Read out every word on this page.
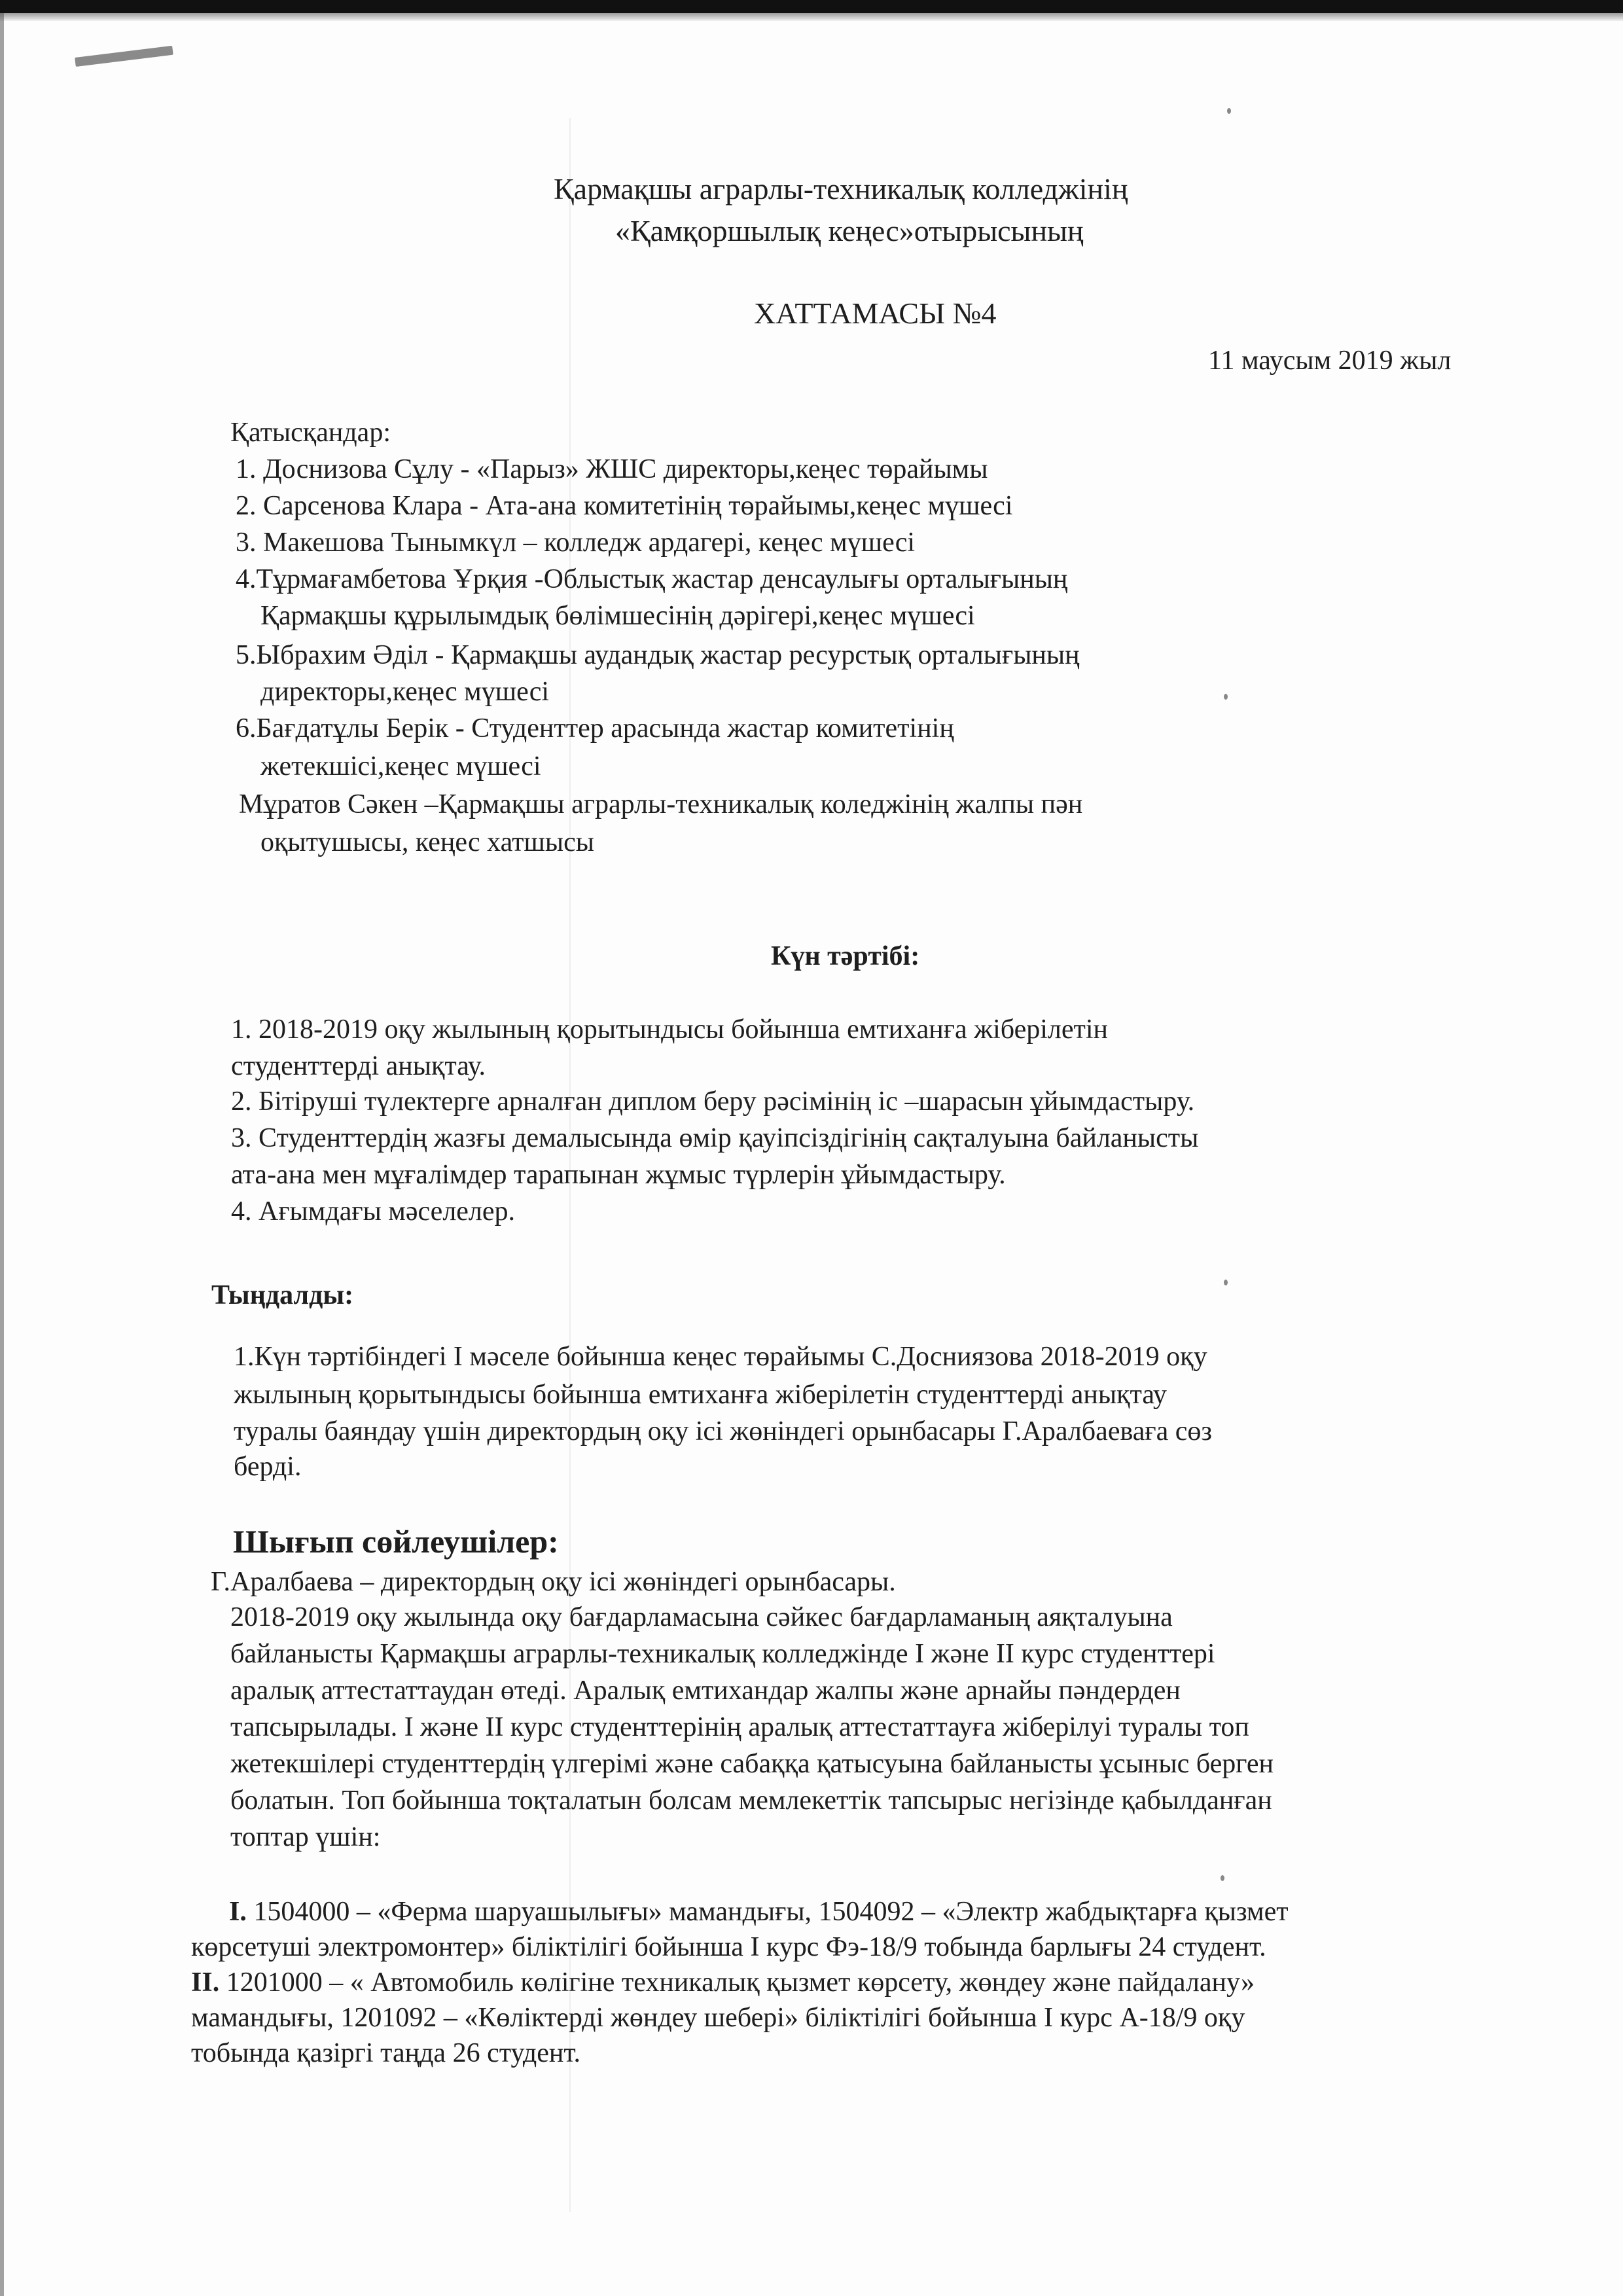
Қармақшы аграрлы-техникалық колледжінің
«Қамқоршылық кеңес»отырысының
ХАТТАМАСЫ №4
11 маусым 2019 жыл
Қатысқандар:
1. Доснизова Сұлу - «Парыз» ЖШС директоры,кеңес төрайымы
2. Сарсенова Клара - Ата-ана комитетінің төрайымы,кеңес мүшесі
3. Макешова Тынымкүл – колледж ардагері, кеңес мүшесі
4.Тұрмағамбетова Ұрқия -Облыстық жастар денсаулығы орталығының
Қармақшы құрылымдық бөлімшесінің дәрігері,кеңес мүшесі
5.Ыбрахим Әділ - Қармақшы аудандық жастар ресурстық орталығының
директоры,кеңес мүшесі
6.Бағдатұлы Берік - Студенттер арасында жастар комитетінің
жетекшісі,кеңес мүшесі
Мұратов Сәкен –Қармақшы аграрлы-техникалық коледжінің жалпы пән
оқытушысы, кеңес хатшысы
Күн тәртібі:
1. 2018-2019 оқу жылының қорытындысы бойынша емтиханға жіберілетін
студенттерді анықтау.
2. Бітіруші түлектерге арналған диплом беру рәсімінің іс –шарасын ұйымдастыру.
3. Студенттердің жазғы демалысында өмір қауіпсіздігінің сақталуына байланысты
ата-ана мен мұғалімдер тарапынан жұмыс түрлерін ұйымдастыру.
4. Ағымдағы мәселелер.
Тыңдалды:
1.Күн тәртібіндегі І мәселе бойынша кеңес төрайымы С.Досниязова 2018-2019 оқу
жылының қорытындысы бойынша емтиханға жіберілетін студенттерді анықтау
туралы баяндау үшін директордың оқу ісі жөніндегі орынбасары Г.Аралбаеваға сөз
берді.
Шығып сөйлеушілер:
Г.Аралбаева – директордың оқу ісі жөніндегі орынбасары.
2018-2019 оқу жылында оқу бағдарламасына сәйкес бағдарламаның аяқталуына
байланысты Қармақшы аграрлы-техникалық колледжінде І және ІІ курс студенттері
аралық аттестаттаудан өтеді. Аралық емтихандар жалпы және арнайы пәндерден
тапсырылады. І және ІІ курс студенттерінің аралық аттестаттауға жіберілуі туралы топ
жетекшілері студенттердің үлгерімі және сабаққа қатысуына байланысты ұсыныс берген
болатын. Топ бойынша тоқталатын болсам мемлекеттік тапсырыс негізінде қабылданған
топтар үшін:
І. 1504000 – «Ферма шаруашылығы» мамандығы, 1504092 – «Электр жабдықтарға қызмет
көрсетуші электромонтер» біліктілігі бойынша І курс Фэ-18/9 тобында барлығы 24 студент.
ІІ. 1201000 – « Автомобиль көлігіне техникалық қызмет көрсету, жөндеу және пайдалану»
мамандығы, 1201092 – «Көліктерді жөндеу шебері» біліктілігі бойынша І курс А-18/9 оқу
тобында қазіргі таңда 26 студент.
